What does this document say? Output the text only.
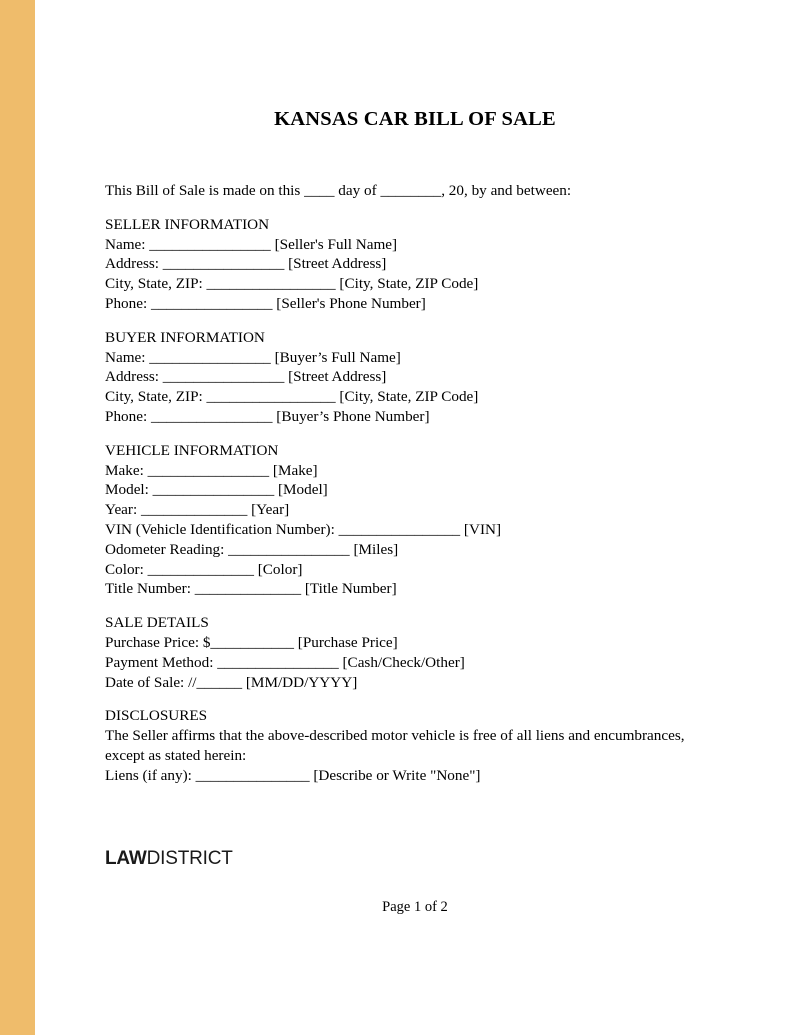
KANSAS CAR BILL OF SALE

This Bill of Sale is made on this ____ day of ________, 20, by and between:

SELLER INFORMATION

Name: ________________ [Seller's Full Name]

Address: ________________ [Street Address]

City, State, ZIP: _________________ [City, State, ZIP Code]

Phone: ________________ [Seller's Phone Number]

BUYER INFORMATION

Name: ________________ [Buyer’s Full Name]

Address: ________________ [Street Address]

City, State, ZIP: _________________ [City, State, ZIP Code]

Phone: ________________ [Buyer’s Phone Number]

VEHICLE INFORMATION

Make: ________________ [Make]

Model: ________________ [Model]

Year: ______________ [Year]

VIN (Vehicle Identification Number): ________________ [VIN]

Odometer Reading: ________________ [Miles]

Color: ______________ [Color]

Title Number: ______________ [Title Number]

SALE DETAILS

Purchase Price: $___________ [Purchase Price]

Payment Method: ________________ [Cash/Check/Other]

Date of Sale: //______ [MM/DD/YYYY]

DISCLOSURES

The Seller affirms that the above-described motor vehicle is free of all liens and encumbrances, except as stated herein:

Liens (if any): _______________ [Describe or Write "None"]

LAWDISTRICT
Page 1 of 2
